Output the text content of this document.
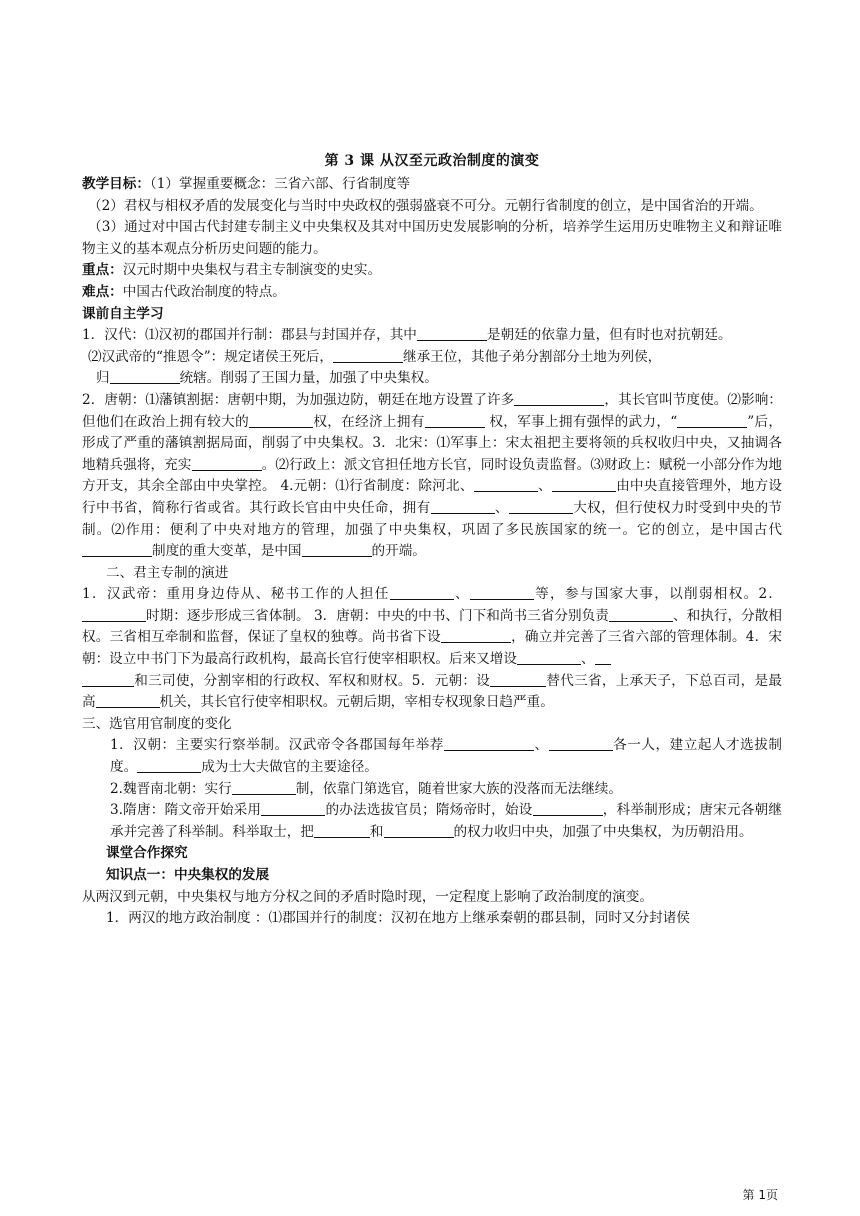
第 3 课 从汉至元政治制度的演变

教学目标：（1）掌握重要概念：三省六部、行省制度等

（2）君权与相权矛盾的发展变化与当时中央政权的强弱盛衰不可分。元朝行省制度的创立，是中国省治的开端。

（3）通过对中国古代封建专制主义中央集权及其对中国历史发展影响的分析，培养学生运用历史唯物主义和辩证唯物主义的基本观点分析历史问题的能力。

重点：汉元时期中央集权与君主专制演变的史实。

难点：中国古代政治制度的特点。

课前自主学习

1．汉代：⑴汉初的郡国并行制：郡县与封国并存，其中	是朝廷的依靠力量，但有时也对抗朝廷。

⑵汉武帝的“推恩令”：规定诸侯王死后，	继承王位，其他子弟分割部分土地为列侯，

归	统辖。削弱了王国力量，加强了中央集权。

2．唐朝：⑴藩镇割据：唐朝中期，为加强边防，朝廷在地方设置了许多	，其长官叫节度使。⑵影响：但他们在政治上拥有较大的	权，在经济上拥有	权，军事上拥有强悍的武力，“	”后，形成了严重的藩镇割据局面，削弱了中央集权。3．北宋：⑴军事上：宋太祖把主要将领的兵权收归中央，又抽调各地精兵强将，充实	。⑵行政上：派文官担任地方长官，同时设负责监督。⑶财政上：赋税一小部分作为地方开支，其余全部由中央掌控。 4.元朝：⑴行省制度：除河北、	、	由中央直接管理外，地方设行中书省，简称行省或省。其行政长官由中央任命，拥有	、	大权，但行使权力时受到中央的节制。⑵作用：便利了中央对地方的管理，加强了中央集权，巩固了多民族国家的统一。它的创立，是中国古代制度的重大变革，是中国	的开端。

二、君主专制的演进

1．汉武帝：重用身边侍从、秘书工作的人担任	、	等，参与国家大事，以削弱相权。2．时期：逐步形成三省体制。 3．唐朝：中央的中书、门下和尚书三省分别负责	、和执行，分散相权。三省相互牵制和监督，保证了皇权的独尊。尚书省下设	，确立并完善了三省六部的管理体制。4．宋朝：设立中书门下为最高行政机构，最高长官行使宰相职权。后来又增设	、

和三司使，分割宰相的行政权、军权和财权。5．元朝：设	替代三省，上承天子，下总百司，是最高	机关，其长官行使宰相职权。元朝后期，宰相专权现象日趋严重。

三、选官用官制度的变化

1．汉朝：主要实行察举制。汉武帝令各郡国每年举荐	、	各一人，建立起人才选拔制度。	成为士大夫做官的主要途径。

2.魏晋南北朝：实行	制，依靠门第选官，随着世家大族的没落而无法继续。

3.隋唐：隋文帝开始采用	的办法选拔官员；隋炀帝时，始设	，科举制形成；唐宋元各朝继承并完善了科举制。科举取士，把	和	的权力收归中央，加强了中央集权，为历朝沿用。

课堂合作探究

知识点一：中央集权的发展

从两汉到元朝，中央集权与地方分权之间的矛盾时隐时现，一定程度上影响了政治制度的演变。

1．两汉的地方政治制度 ：⑴郡国并行的制度：汉初在地方上继承秦朝的郡县制，同时又分封诸侯

第 1页
